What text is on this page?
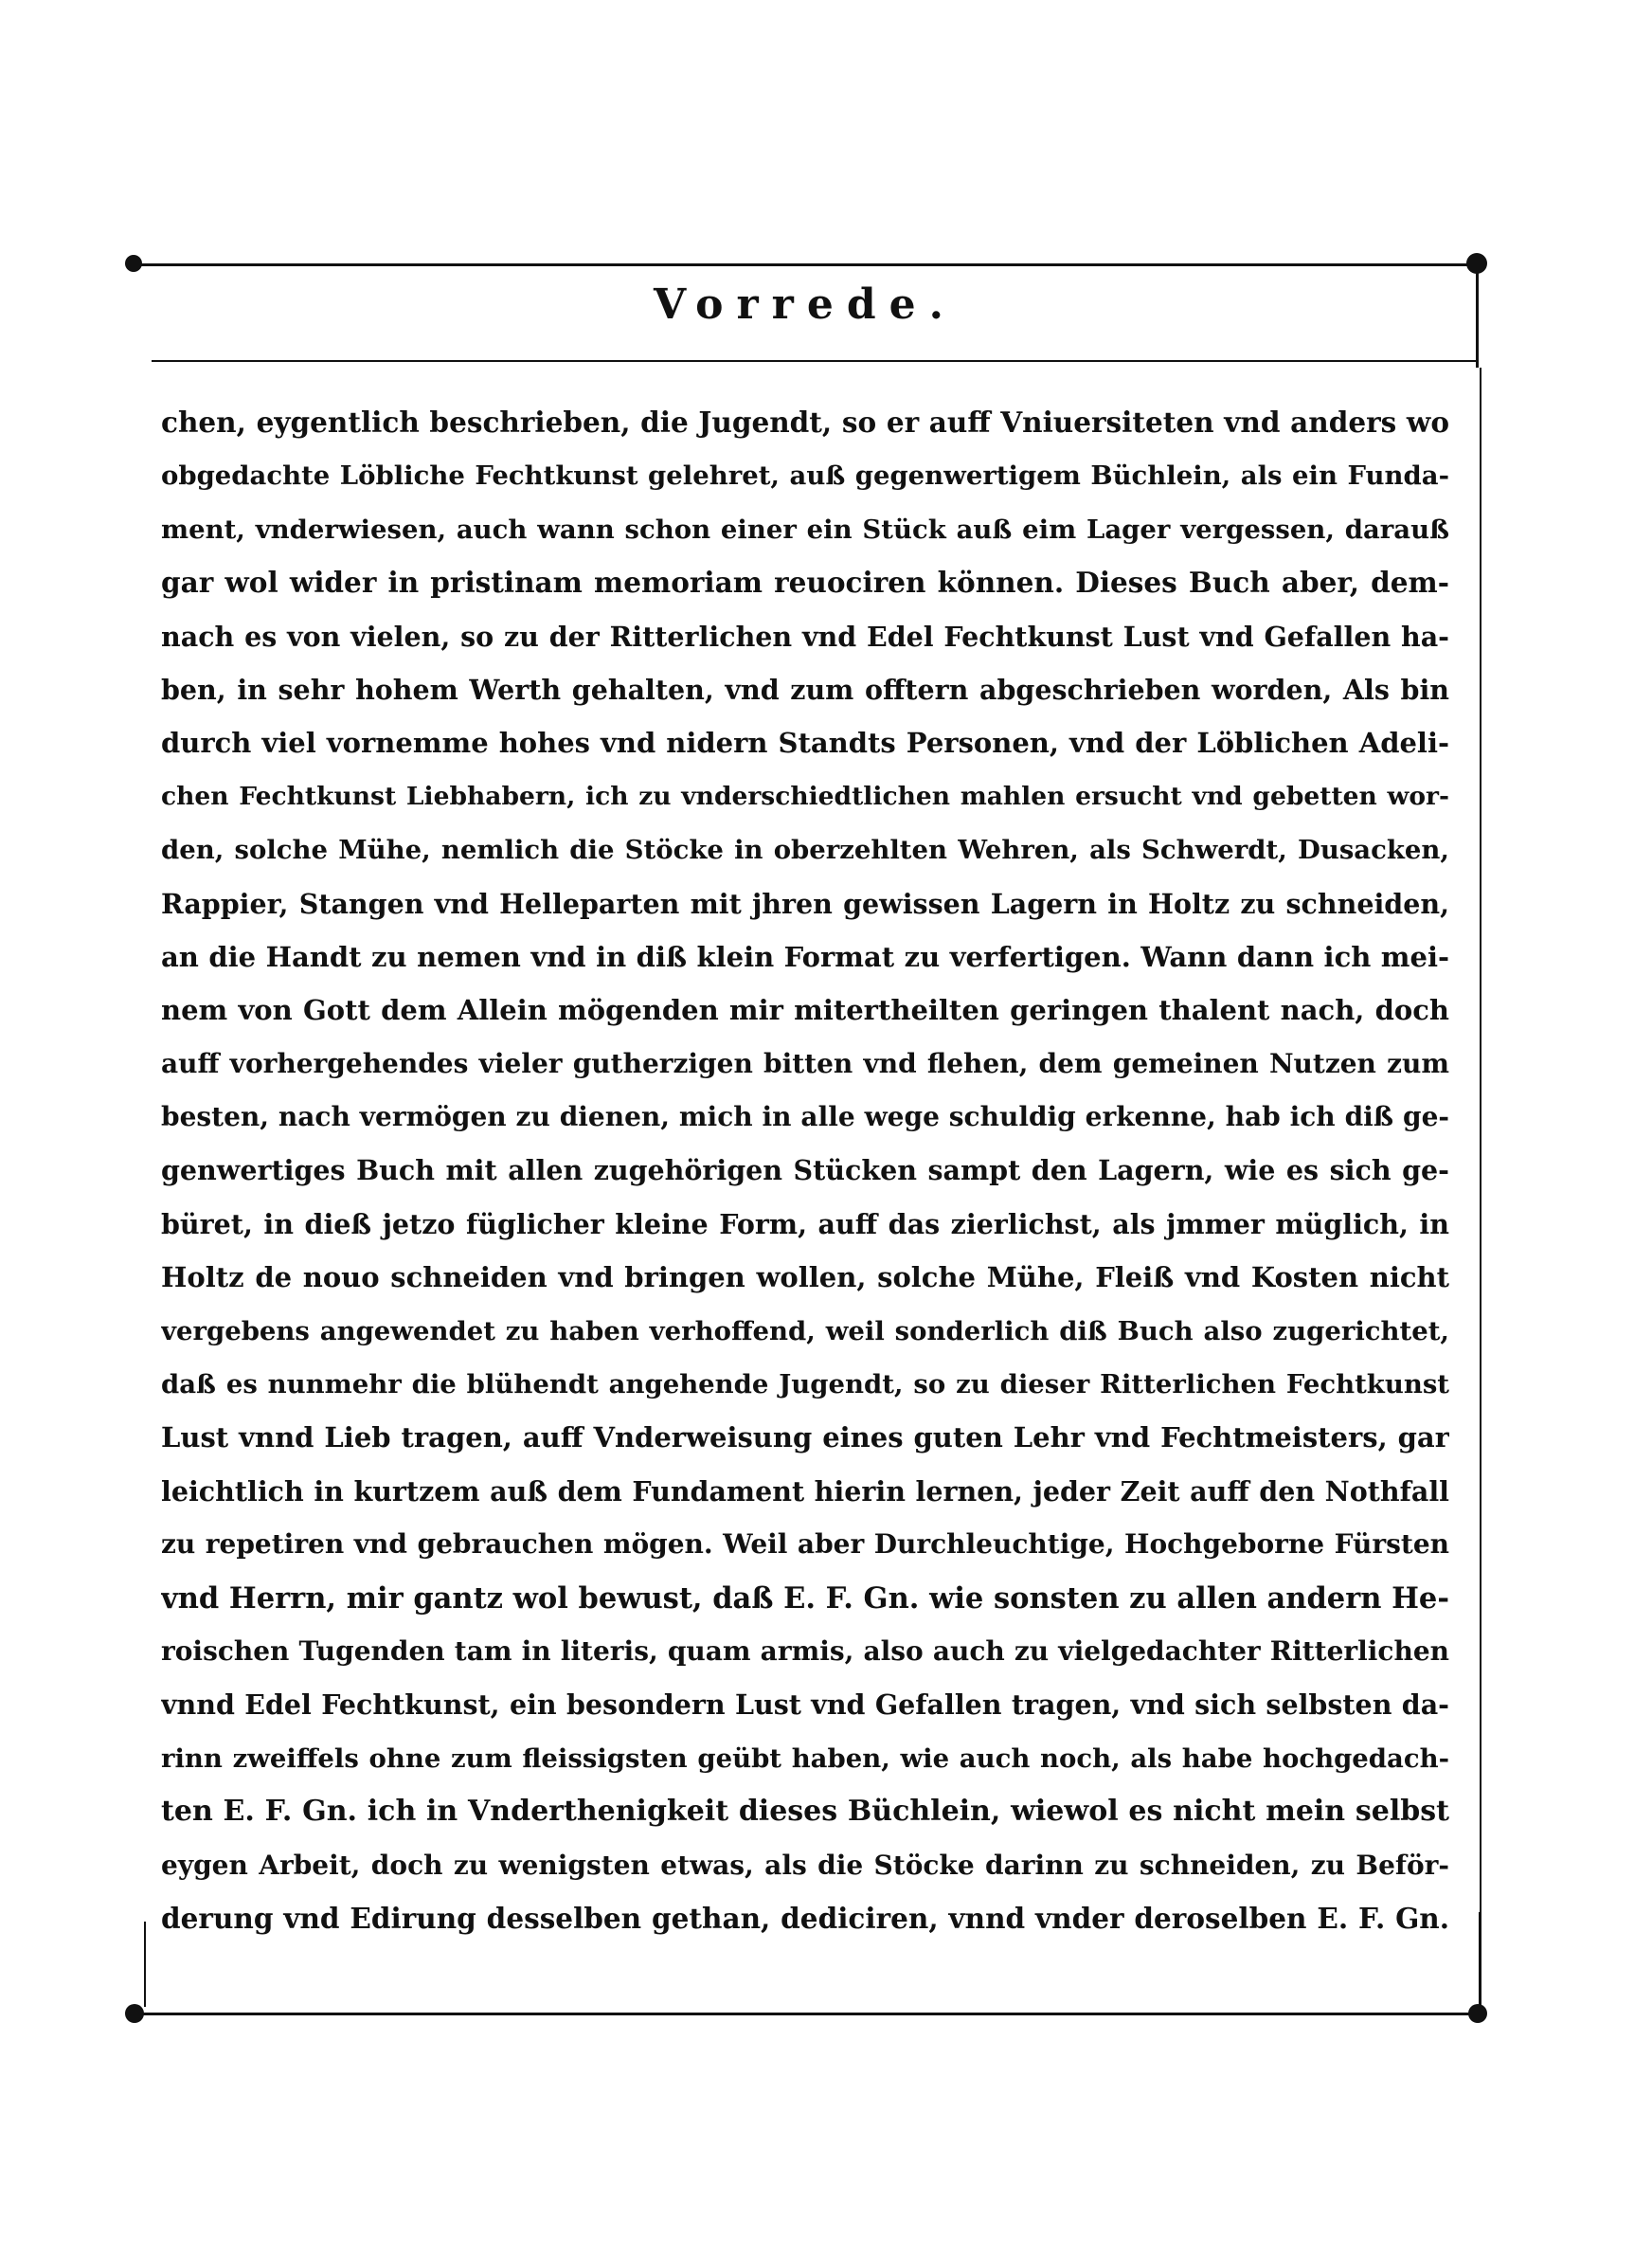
Vorrede.
chen, eygentlich beschrieben, die Jugendt, so er auff Vniuersiteten vnd anders wo
obgedachte Löbliche Fechtkunst gelehret, auß gegenwertigem Büchlein, als ein Funda-
ment, vnderwiesen, auch wann schon einer ein Stück auß eim Lager vergessen, darauß
gar wol wider in pristinam memoriam reuociren können. Dieses Buch aber, dem-
nach es von vielen, so zu der Ritterlichen vnd Edel Fechtkunst Lust vnd Gefallen ha-
ben, in sehr hohem Werth gehalten, vnd zum offtern abgeschrieben worden, Als bin
durch viel vornemme hohes vnd nidern Standts Personen, vnd der Löblichen Adeli-
chen Fechtkunst Liebhabern, ich zu vnderschiedtlichen mahlen ersucht vnd gebetten wor-
den, solche Mühe, nemlich die Stöcke in oberzehlten Wehren, als Schwerdt, Dusacken,
Rappier, Stangen vnd Helleparten mit jhren gewissen Lagern in Holtz zu schneiden,
an die Handt zu nemen vnd in diß klein Format zu verfertigen. Wann dann ich mei-
nem von Gott dem Allein mögenden mir mitertheilten geringen thalent nach, doch
auff vorhergehendes vieler gutherzigen bitten vnd flehen, dem gemeinen Nutzen zum
besten, nach vermögen zu dienen, mich in alle wege schuldig erkenne, hab ich diß ge-
genwertiges Buch mit allen zugehörigen Stücken sampt den Lagern, wie es sich ge-
büret, in dieß jetzo füglicher kleine Form, auff das zierlichst, als jmmer müglich, in
Holtz de nouo schneiden vnd bringen wollen, solche Mühe, Fleiß vnd Kosten nicht
vergebens angewendet zu haben verhoffend, weil sonderlich diß Buch also zugerichtet,
daß es nunmehr die blühendt angehende Jugendt, so zu dieser Ritterlichen Fechtkunst
Lust vnnd Lieb tragen, auff Vnderweisung eines guten Lehr vnd Fechtmeisters, gar
leichtlich in kurtzem auß dem Fundament hierin lernen, jeder Zeit auff den Nothfall
zu repetiren vnd gebrauchen mögen. Weil aber Durchleuchtige, Hochgeborne Fürsten
vnd Herrn, mir gantz wol bewust, daß E. F. Gn. wie sonsten zu allen andern He-
roischen Tugenden tam in literis, quam armis, also auch zu vielgedachter Ritterlichen
vnnd Edel Fechtkunst, ein besondern Lust vnd Gefallen tragen, vnd sich selbsten da-
rinn zweiffels ohne zum fleissigsten geübt haben, wie auch noch, als habe hochgedach-
ten E. F. Gn. ich in Vnderthenigkeit dieses Büchlein, wiewol es nicht mein selbst
eygen Arbeit, doch zu wenigsten etwas, als die Stöcke darinn zu schneiden, zu Beför-
derung vnd Edirung desselben gethan, dediciren, vnnd vnder deroselben E. F. Gn.
